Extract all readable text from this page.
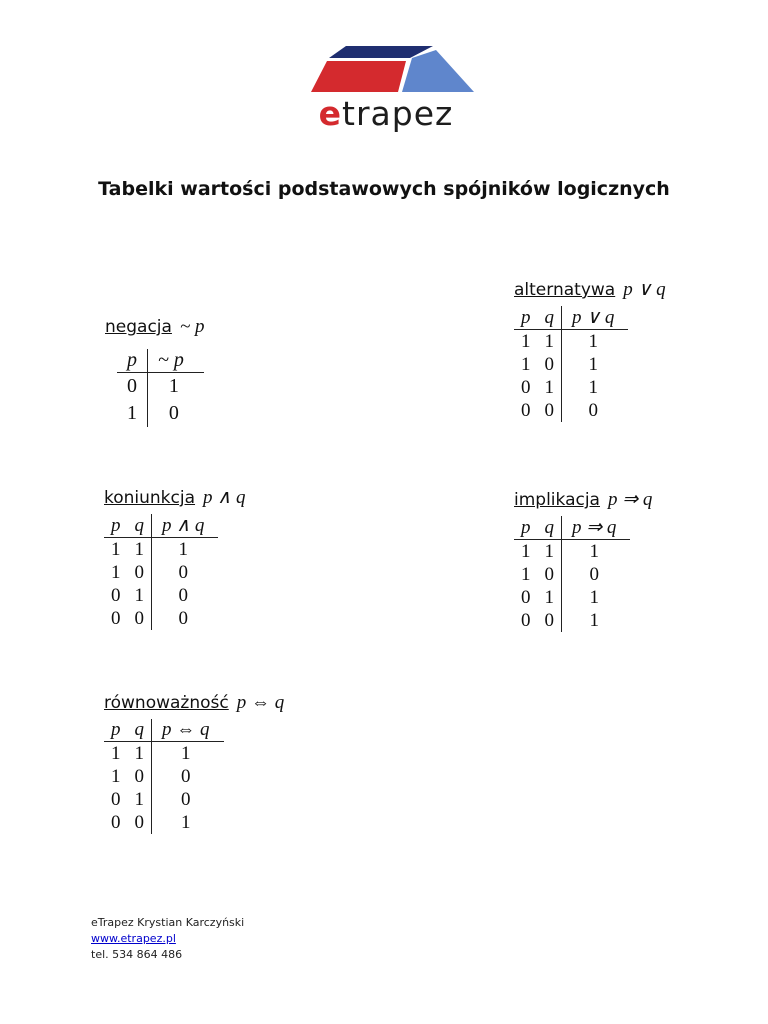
etrapez
Tabelki wartości podstawowych spójników logicznych
alternatywa p ∨ q
p	q	p ∨ q
1	1	1
1	0	1
0	1	1
0	0	0
negacja ~ p
p	~ p
0	1
1	0
koniunkcja p ∧ q
p	q	p ∧ q
1	1	1
1	0	0
0	1	0
0	0	0
implikacja p ⇒ q
p	q	p ⇒ q
1	1	1
1	0	0
0	1	1
0	0	1
równoważność p ⇔ q
p	q	p ⇔ q
1	1	1
1	0	0
0	1	0
0	0	1
eTrapez Krystian Karczyński
www.etrapez.pl
tel. 534 864 486
